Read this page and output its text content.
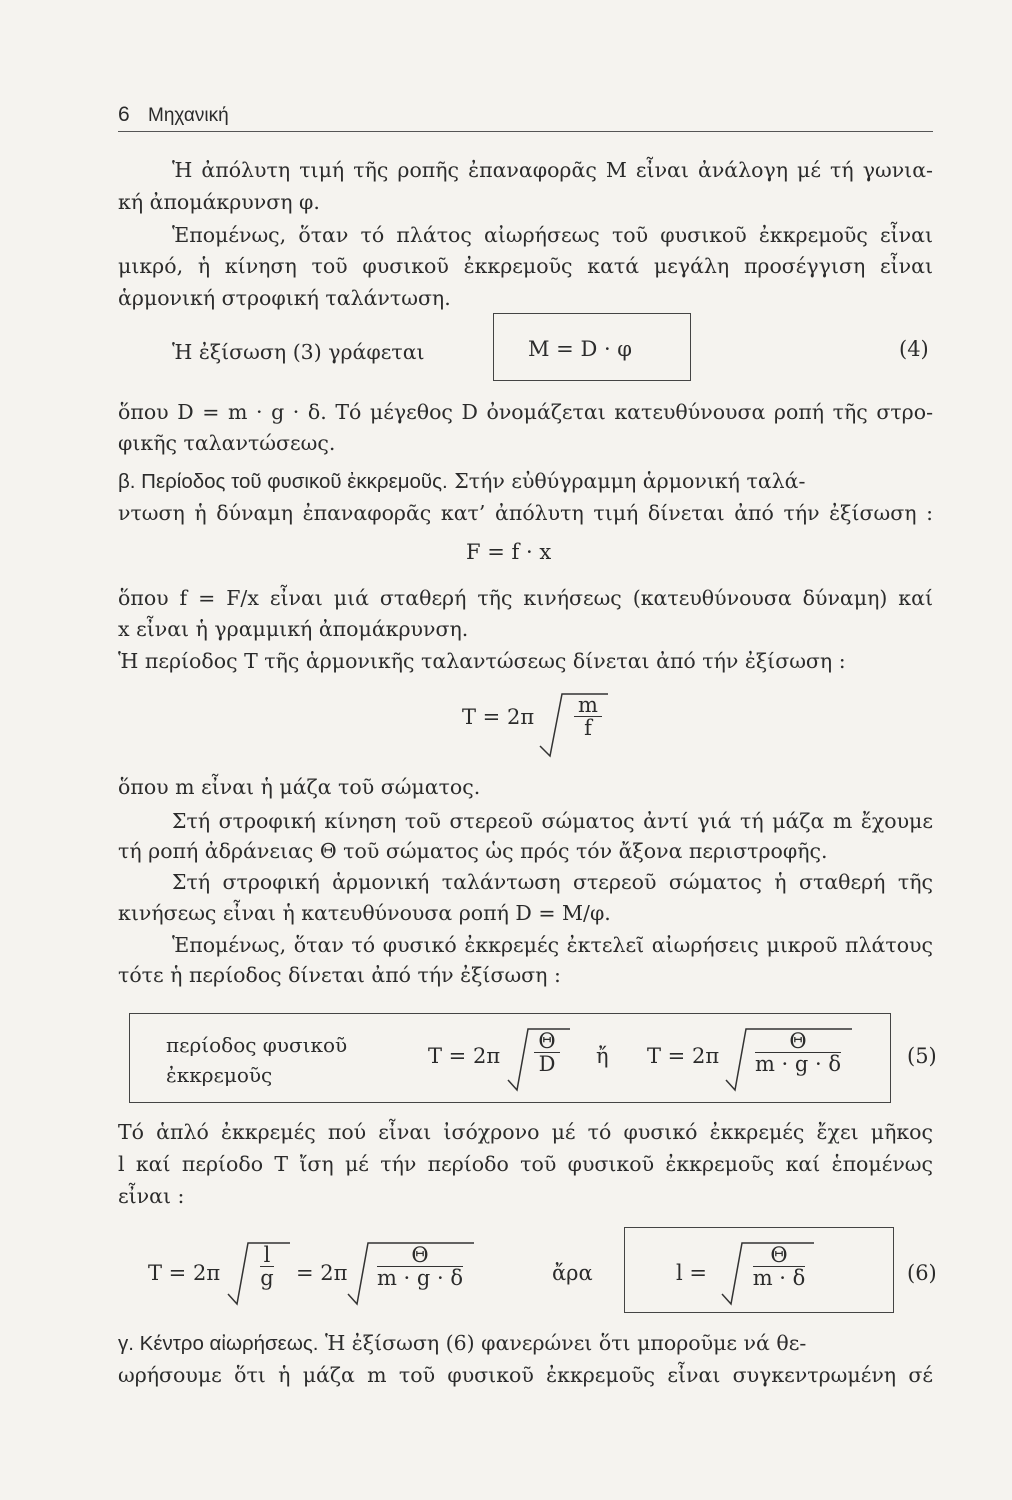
6 Μηχανική
Ἡ ἀπόλυτη τιμή τῆς ροπῆς ἐπαναφορᾶς Μ εἶναι ἀνάλογη μέ τή γωνια-
κή ἀπομάκρυνση φ.
Ἑπομένως, ὅταν τό πλάτος αἰωρήσεως τοῦ φυσικοῦ ἐκκρεμοῦς εἶναι
μικρό, ἡ κίνηση τοῦ φυσικοῦ ἐκκρεμοῦς κατά μεγάλη προσέγγιση εἶναι
ἁρμονική στροφική ταλάντωση.
Ἡ ἐξίσωση (3) γράφεται	M = D · φ	(4)
ὅπου D = m · g · δ. Τό μέγεθος D ὀνομάζεται κατευθύνουσα ροπή τῆς στρο-
φικῆς ταλαντώσεως.
β. Περίοδος τοῦ φυσικοῦ ἐκκρεμοῦς. Στήν εὐθύγραμμη ἁρμονική ταλά-
ντωση ἡ δύναμη ἐπαναφορᾶς κατ’ ἀπόλυτη τιμή δίνεται ἀπό τήν ἐξίσωση :
F = f · x
ὅπου f = F/x εἶναι μιά σταθερή τῆς κινήσεως (κατευθύνουσα δύναμη) καί
x εἶναι ἡ γραμμική ἀπομάκρυνση.
Ἡ περίοδος T τῆς ἁρμονικῆς ταλαντώσεως δίνεται ἀπό τήν ἐξίσωση :
$T = 2\pi \frac{m}{f}$
ὅπου m εἶναι ἡ μάζα τοῦ σώματος.
Στή στροφική κίνηση τοῦ στερεοῦ σώματος ἀντί γιά τή μάζα m ἔχουμε
τή ροπή ἀδράνειας Θ τοῦ σώματος ὡς πρός τόν ἄξονα περιστροφῆς.
Στή στροφική ἁρμονική ταλάντωση στερεοῦ σώματος ἡ σταθερή τῆς
κινήσεως εἶναι ἡ κατευθύνουσα ροπή D = M/φ.
Ἑπομένως, ὅταν τό φυσικό ἐκκρεμές ἐκτελεῖ αἰωρήσεις μικροῦ πλάτους
τότε ἡ περίοδος δίνεται ἀπό τήν ἐξίσωση :
περίοδος φυσικοῦ
ἐκκρεμοῦς
$T = 2\pi \frac{\Theta}{D}$ ἤ $T = 2\pi \frac{\Theta}{m \cdot g \cdot \delta}$	(5)
Τό ἁπλό ἐκκρεμές πού εἶναι ἰσόχρονο μέ τό φυσικό ἐκκρεμές ἔχει μῆκος
l καί περίοδο T ἴση μέ τήν περίοδο τοῦ φυσικοῦ ἐκκρεμοῦς καί ἑπομένως
εἶναι :
$T = 2\pi \frac{l}{g} = 2\pi \frac{\Theta}{m \cdot g \cdot \delta}$	ἄρα	$l = \frac{\Theta}{m \cdot \delta}$	(6)
γ. Κέντρο αἰωρήσεως. Ἡ ἐξίσωση (6) φανερώνει ὅτι μποροῦμε νά θε-
ωρήσουμε ὅτι ἡ μάζα m τοῦ φυσικοῦ ἐκκρεμοῦς εἶναι συγκεντρωμένη σέ
